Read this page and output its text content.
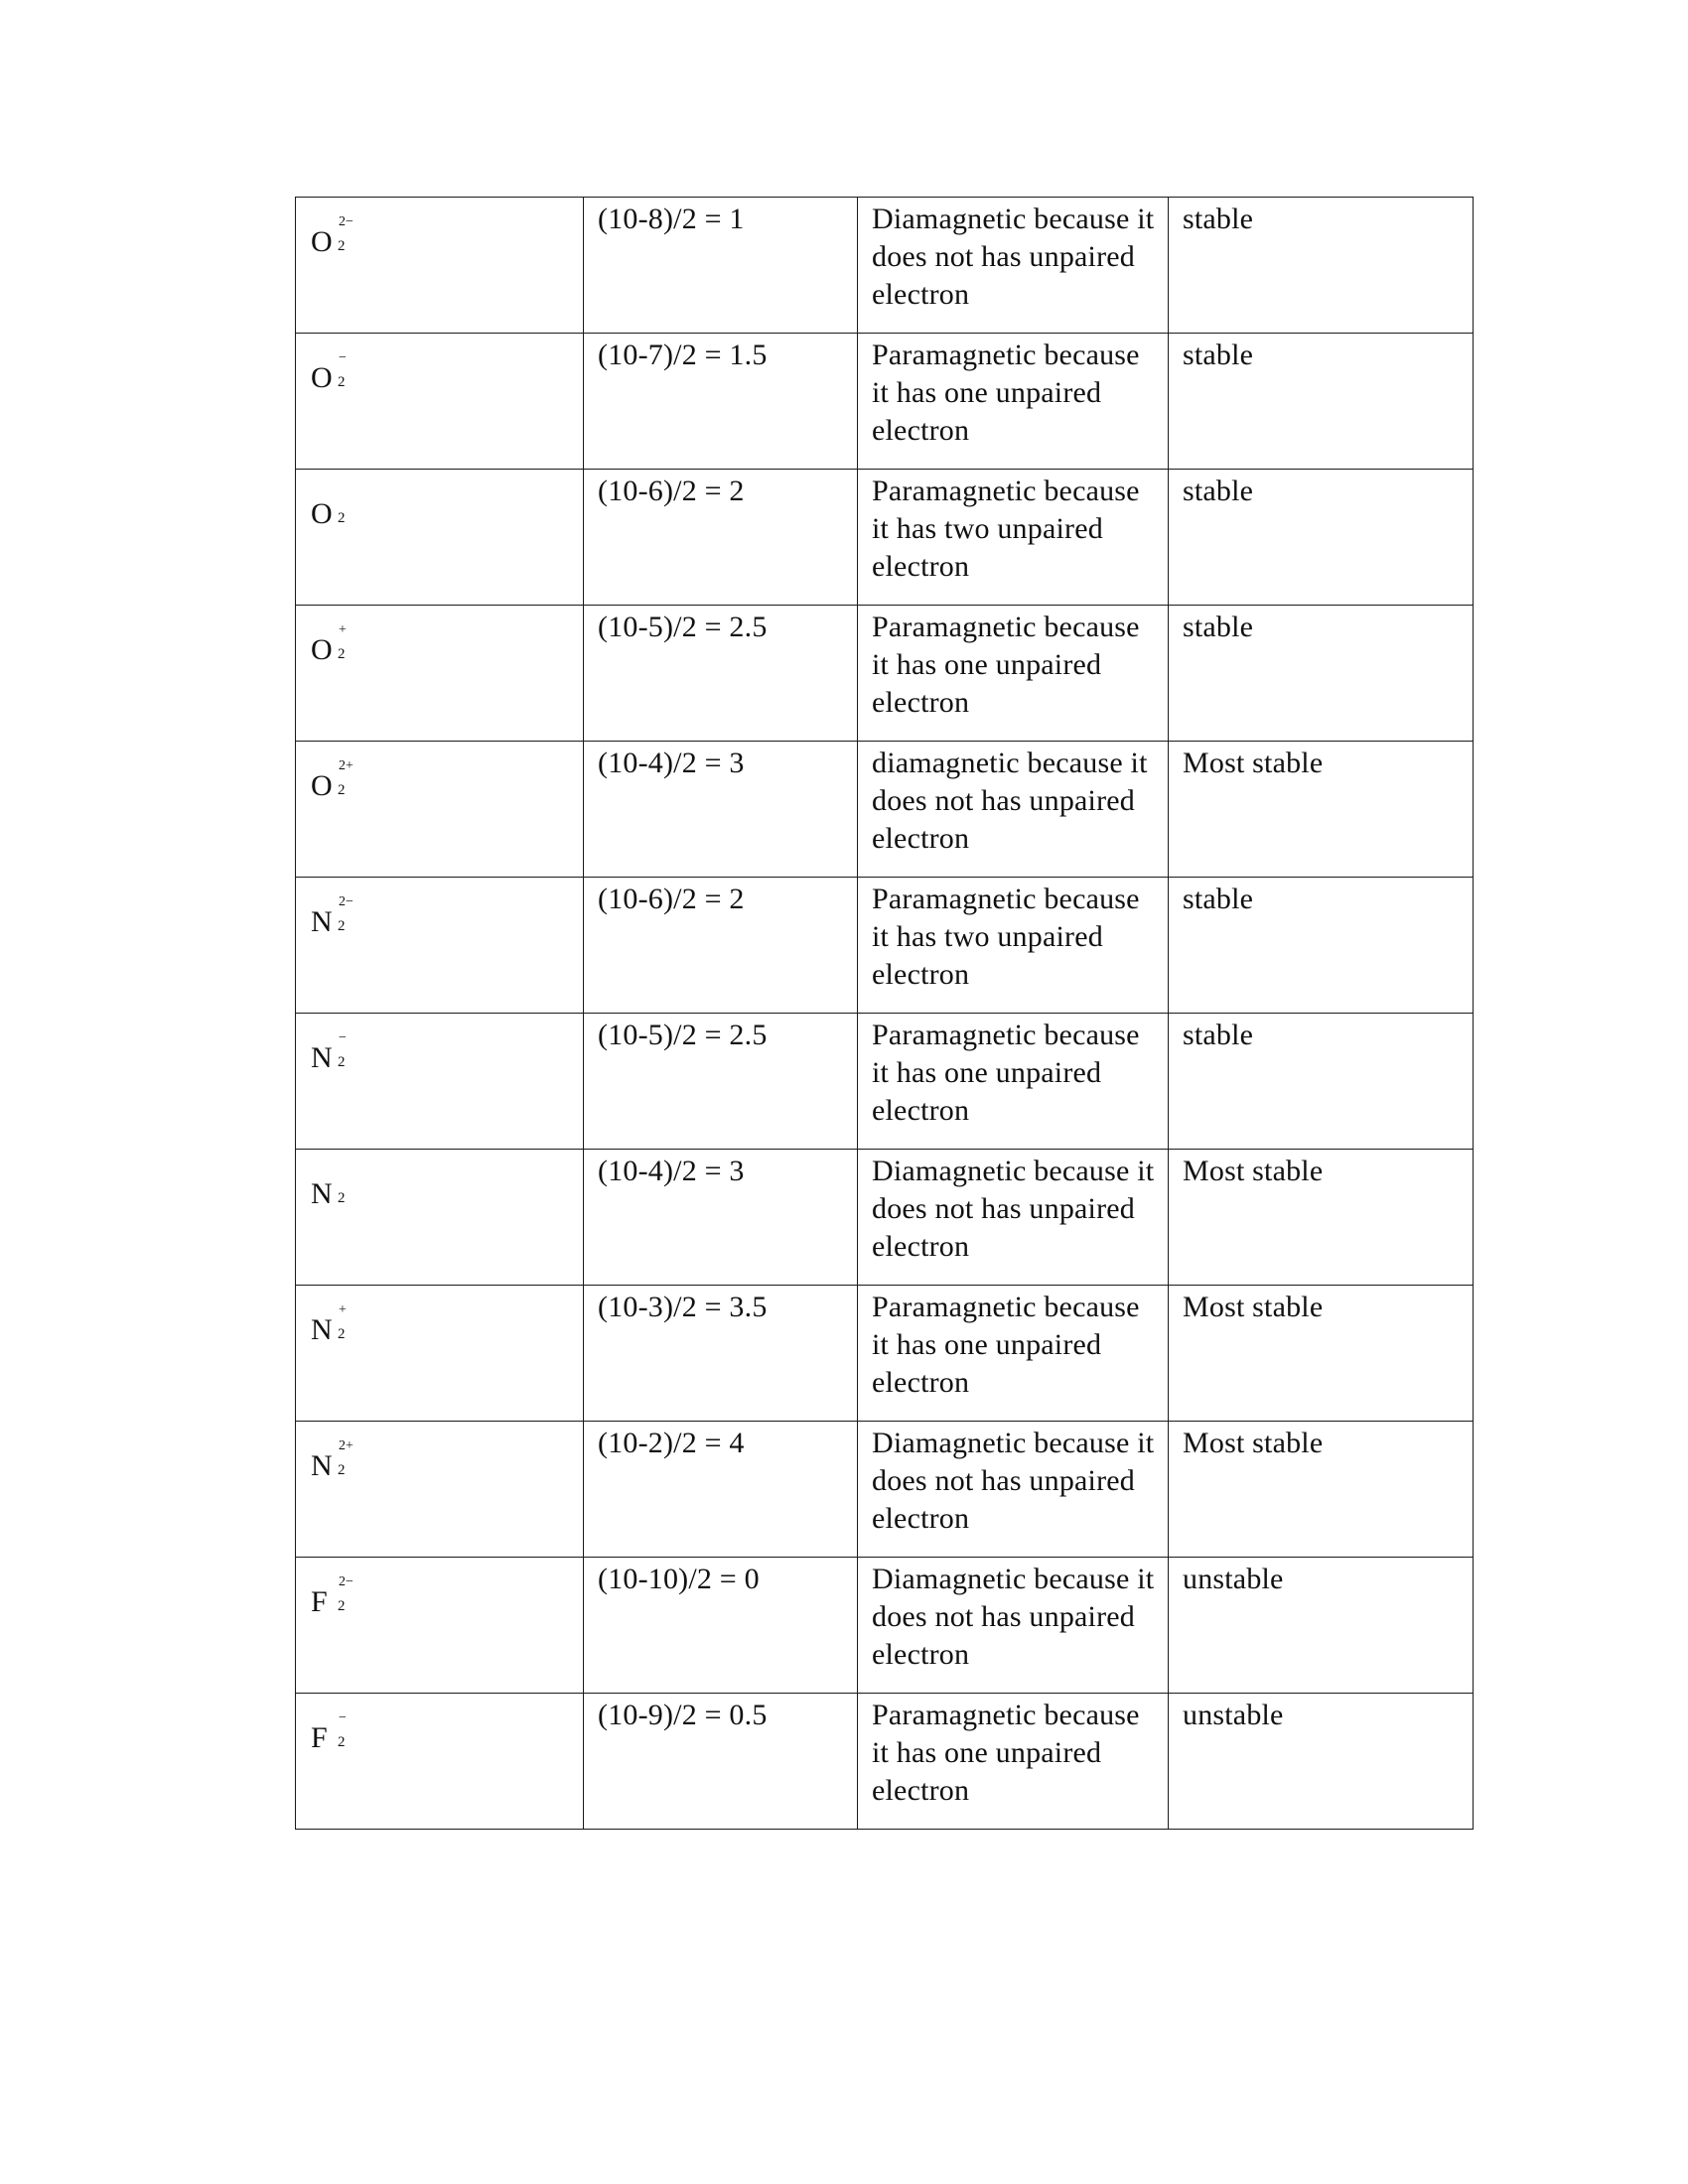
O
2−
2	(10-8)/2 = 1	Diamagnetic because it does not has unpaired electron	stable

O
−
2	(10-7)/2 = 1.5	Paramagnetic because it has one unpaired electron	stable

O 2	(10-6)/2 = 2	Paramagnetic because it has two unpaired electron	stable

O
+
2	(10-5)/2 = 2.5	Paramagnetic because it has one unpaired electron	stable

O
2+
2	(10-4)/2 = 3	diamagnetic because it does not has unpaired electron	Most stable

N
2−
2	(10-6)/2 = 2	Paramagnetic because it has two unpaired electron	stable

N
−
2	(10-5)/2 = 2.5	Paramagnetic because it has one unpaired electron	stable

N 2	(10-4)/2 = 3	Diamagnetic because it does not has unpaired electron	Most stable

N
+
2	(10-3)/2 = 3.5	Paramagnetic because it has one unpaired electron	Most stable

N
2+
2	(10-2)/2 = 4	Diamagnetic because it does not has unpaired electron	Most stable

F
2−
2	(10-10)/2 = 0	Diamagnetic because it does not has unpaired electron	unstable

F
−
2	(10-9)/2 = 0.5	Paramagnetic because it has one unpaired electron	unstable
